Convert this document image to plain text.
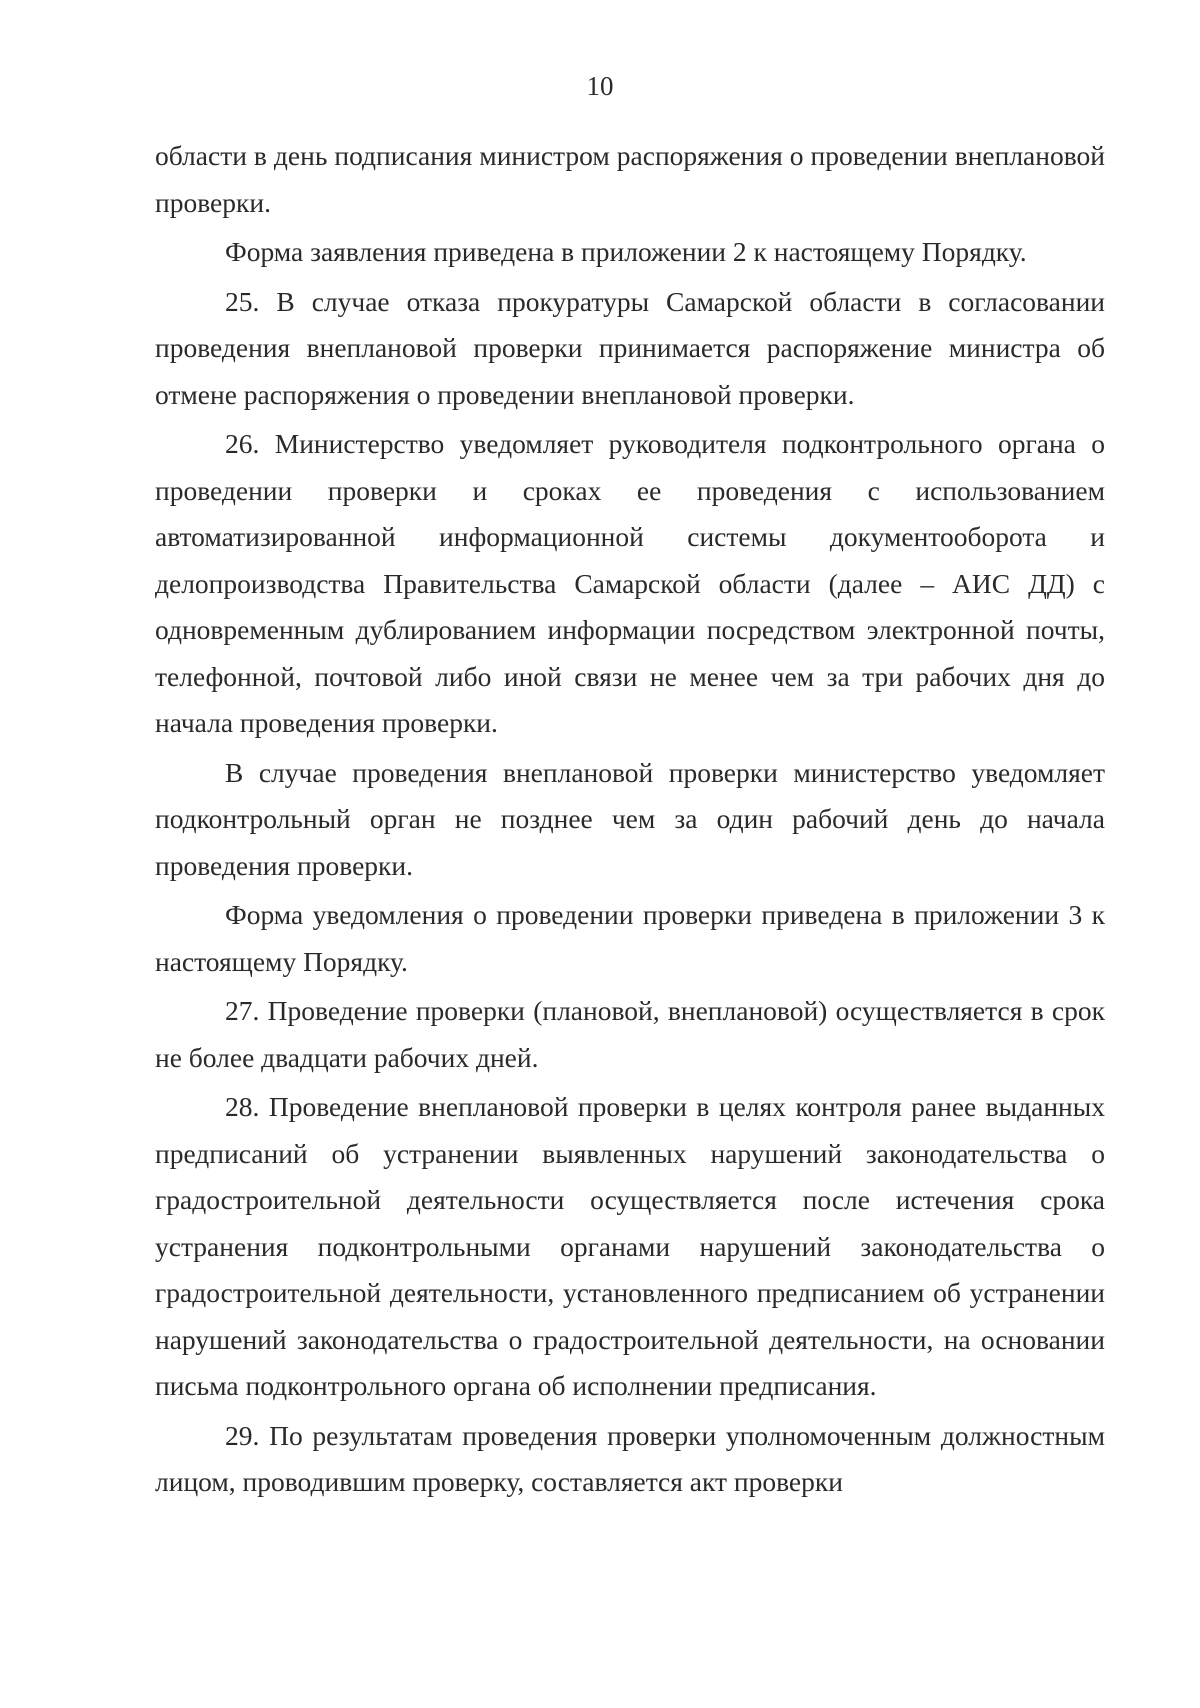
10

области в день подписания министром распоряжения о проведении внеплановой проверки.

Форма заявления приведена в приложении 2 к настоящему Порядку.

25. В случае отказа прокуратуры Самарской области в согласовании проведения внеплановой проверки принимается распоряжение министра об отмене распоряжения о проведении внеплановой проверки.

26. Министерство уведомляет руководителя подконтрольного органа о проведении проверки и сроках ее проведения с использованием автоматизированной информационной системы документооборота и делопроизводства Правительства Самарской области (далее – АИС ДД) с одновременным дублированием информации посредством электронной почты, телефонной, почтовой либо иной связи не менее чем за три рабочих дня до начала проведения проверки.

В случае проведения внеплановой проверки министерство уведомляет подконтрольный орган не позднее чем за один рабочий день до начала проведения проверки.

Форма уведомления о проведении проверки приведена в приложении 3 к настоящему Порядку.

27. Проведение проверки (плановой, внеплановой) осуществляется в срок не более двадцати рабочих дней.

28. Проведение внеплановой проверки в целях контроля ранее выданных предписаний об устранении выявленных нарушений законодательства о градостроительной деятельности осуществляется после истечения срока устранения подконтрольными органами нарушений законодательства о градостроительной деятельности, установленного предписанием об устранении нарушений законодательства о градостроительной деятельности, на основании письма подконтрольного органа об исполнении предписания.

29. По результатам проведения проверки уполномоченным должностным лицом, проводившим проверку, составляется акт проверки
